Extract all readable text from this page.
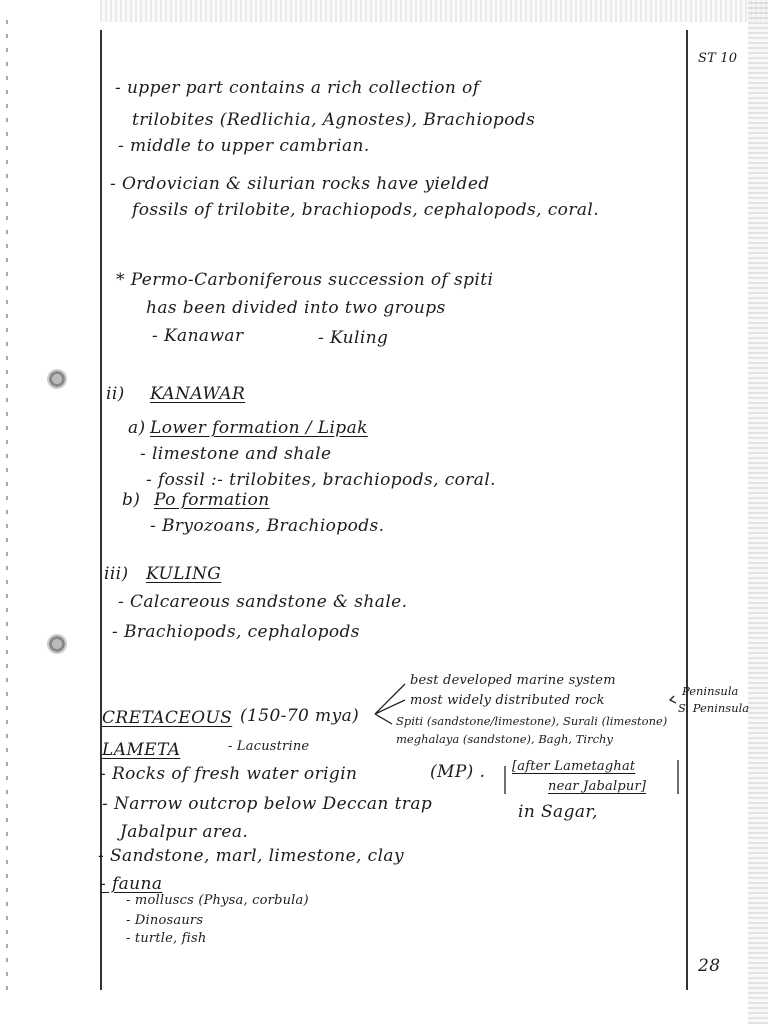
ST 10
- upper part contains a rich collection of
trilobites (Redlichia, Agnostes), Brachiopods
- middle to upper cambrian.
- Ordovician & silurian rocks have yielded
fossils of trilobite, brachiopods, cephalopods, coral.
* Permo-Carboniferous succession of spiti
has been divided into two groups
- Kanawar	- Kuling
ii) KANAWAR
a) Lower formation / Lipak
- limestone and shale
- fossil :- trilobites, brachiopods, coral.
b) Po formation
- Bryozoans, Brachiopods.
iii) KULING
- Calcareous sandstone & shale.
- Brachiopods, cephalopods
best developed marine system
most widely distributed rock
Peninsula
S. Peninsula
CRETACEOUS (150-70 mya)	Spiti (sandstone/limestone), Surali (limestone)
meghalaya (sandstone), Bagh, Tirchy
LAMETA	- Lacustrine
- Rocks of fresh water origin	(MP) . [after Lametaghat
near Jabalpur]
- Narrow outcrop below Deccan trap	in Sagar,
Jabalpur area.
- Sandstone, marl, limestone, clay
- fauna
- molluscs (Physa, corbula)
- Dinosaurs
- turtle, fish
28
